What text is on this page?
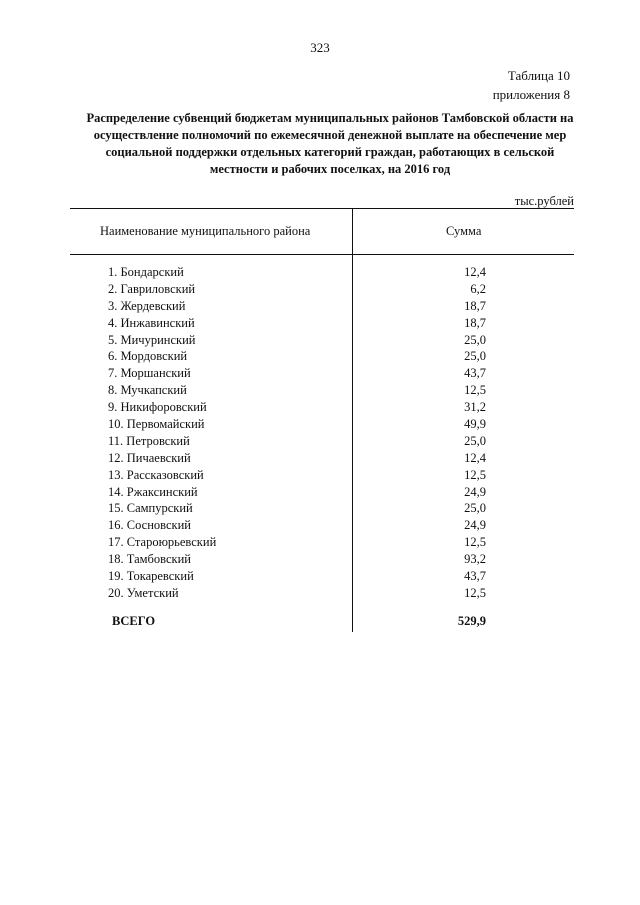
323
Таблица 10
приложения 8
Распределение субвенций бюджетам муниципальных районов Тамбовской области на осуществление полномочий по ежемесячной денежной выплате на обеспечение мер социальной поддержки отдельных категорий граждан, работающих в сельской местности и рабочих поселках, на 2016 год
тыс.рублей
Наименование муниципального района	Сумма
1. Бондарский	12,4
2. Гавриловский	6,2
3. Жердевский	18,7
4. Инжавинский	18,7
5. Мичуринский	25,0
6. Мордовский	25,0
7. Моршанский	43,7
8. Мучкапский	12,5
9. Никифоровский	31,2
10. Первомайский	49,9
11. Петровский	25,0
12. Пичаевский	12,4
13. Рассказовский	12,5
14. Ржаксинский	24,9
15. Сампурский	25,0
16. Сосновский	24,9
17. Староюрьевский	12,5
18. Тамбовский	93,2
19. Токаревский	43,7
20. Уметский	12,5
ВСЕГО	529,9
